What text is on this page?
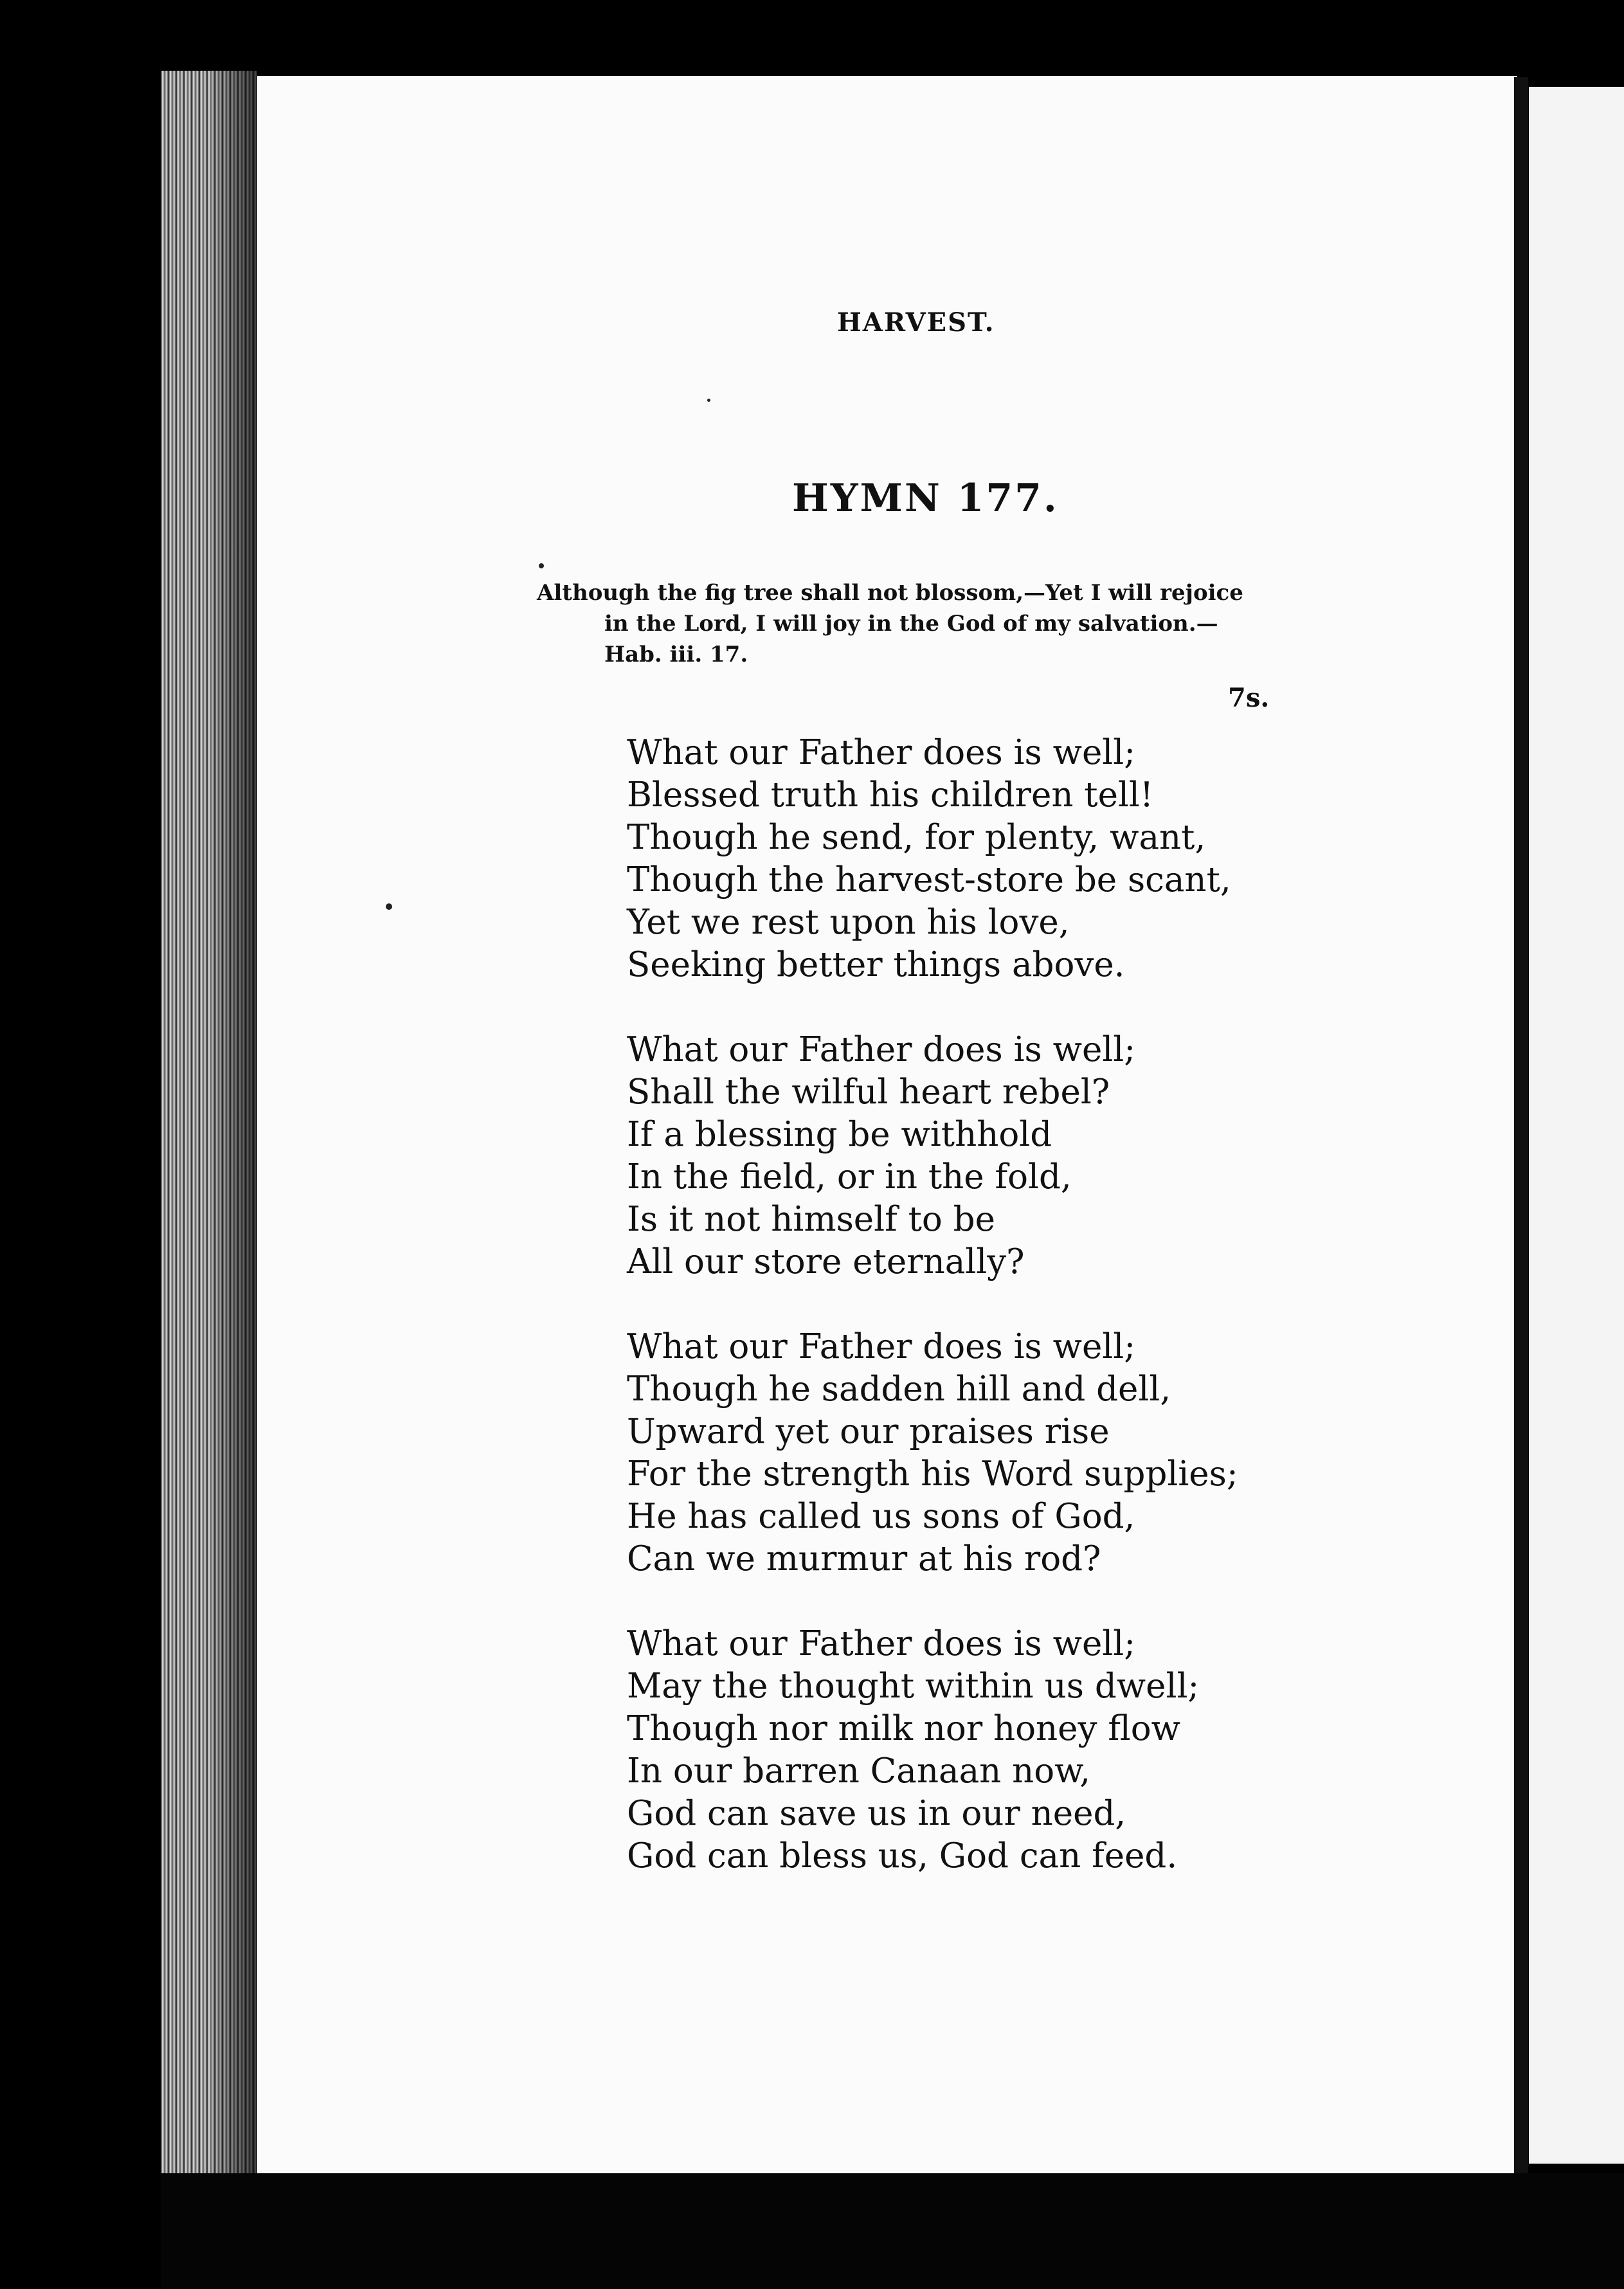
HARVEST.
HYMN 177.
Although the fig tree shall not blossom,—Yet I will rejoice
in the Lord, I will joy in the God of my salvation.—
Hab. iii. 17.
7s.
What our Father does is well;
Blessed truth his children tell!
Though he send, for plenty, want,
Though the harvest-store be scant,
Yet we rest upon his love,
Seeking better things above.
What our Father does is well;
Shall the wilful heart rebel?
If a blessing be withhold
In the field, or in the fold,
Is it not himself to be
All our store eternally?
What our Father does is well;
Though he sadden hill and dell,
Upward yet our praises rise
For the strength his Word supplies;
He has called us sons of God,
Can we murmur at his rod?
What our Father does is well;
May the thought within us dwell;
Though nor milk nor honey flow
In our barren Canaan now,
God can save us in our need,
God can bless us, God can feed.
